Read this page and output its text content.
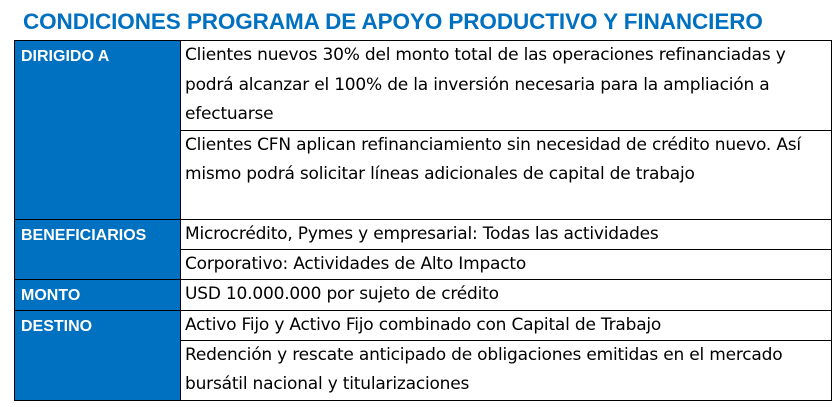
CONDICIONES PROGRAMA DE APOYO PRODUCTIVO Y FINANCIERO
DIRIGIDO A	Clientes nuevos 30% del monto total de las operaciones refinanciadas y podrá alcanzar el 100% de la inversión necesaria para la ampliación a efectuarse
	Clientes CFN aplican refinanciamiento sin necesidad de crédito nuevo. Así mismo podrá solicitar líneas adicionales de capital de trabajo
BENEFICIARIOS	Microcrédito, Pymes y empresarial: Todas las actividades
	Corporativo: Actividades de Alto Impacto
MONTO	USD 10.000.000 por sujeto de crédito
DESTINO	Activo Fijo y Activo Fijo combinado con Capital de Trabajo
	Redención y rescate anticipado de obligaciones emitidas en el mercado bursátil nacional y titularizaciones
